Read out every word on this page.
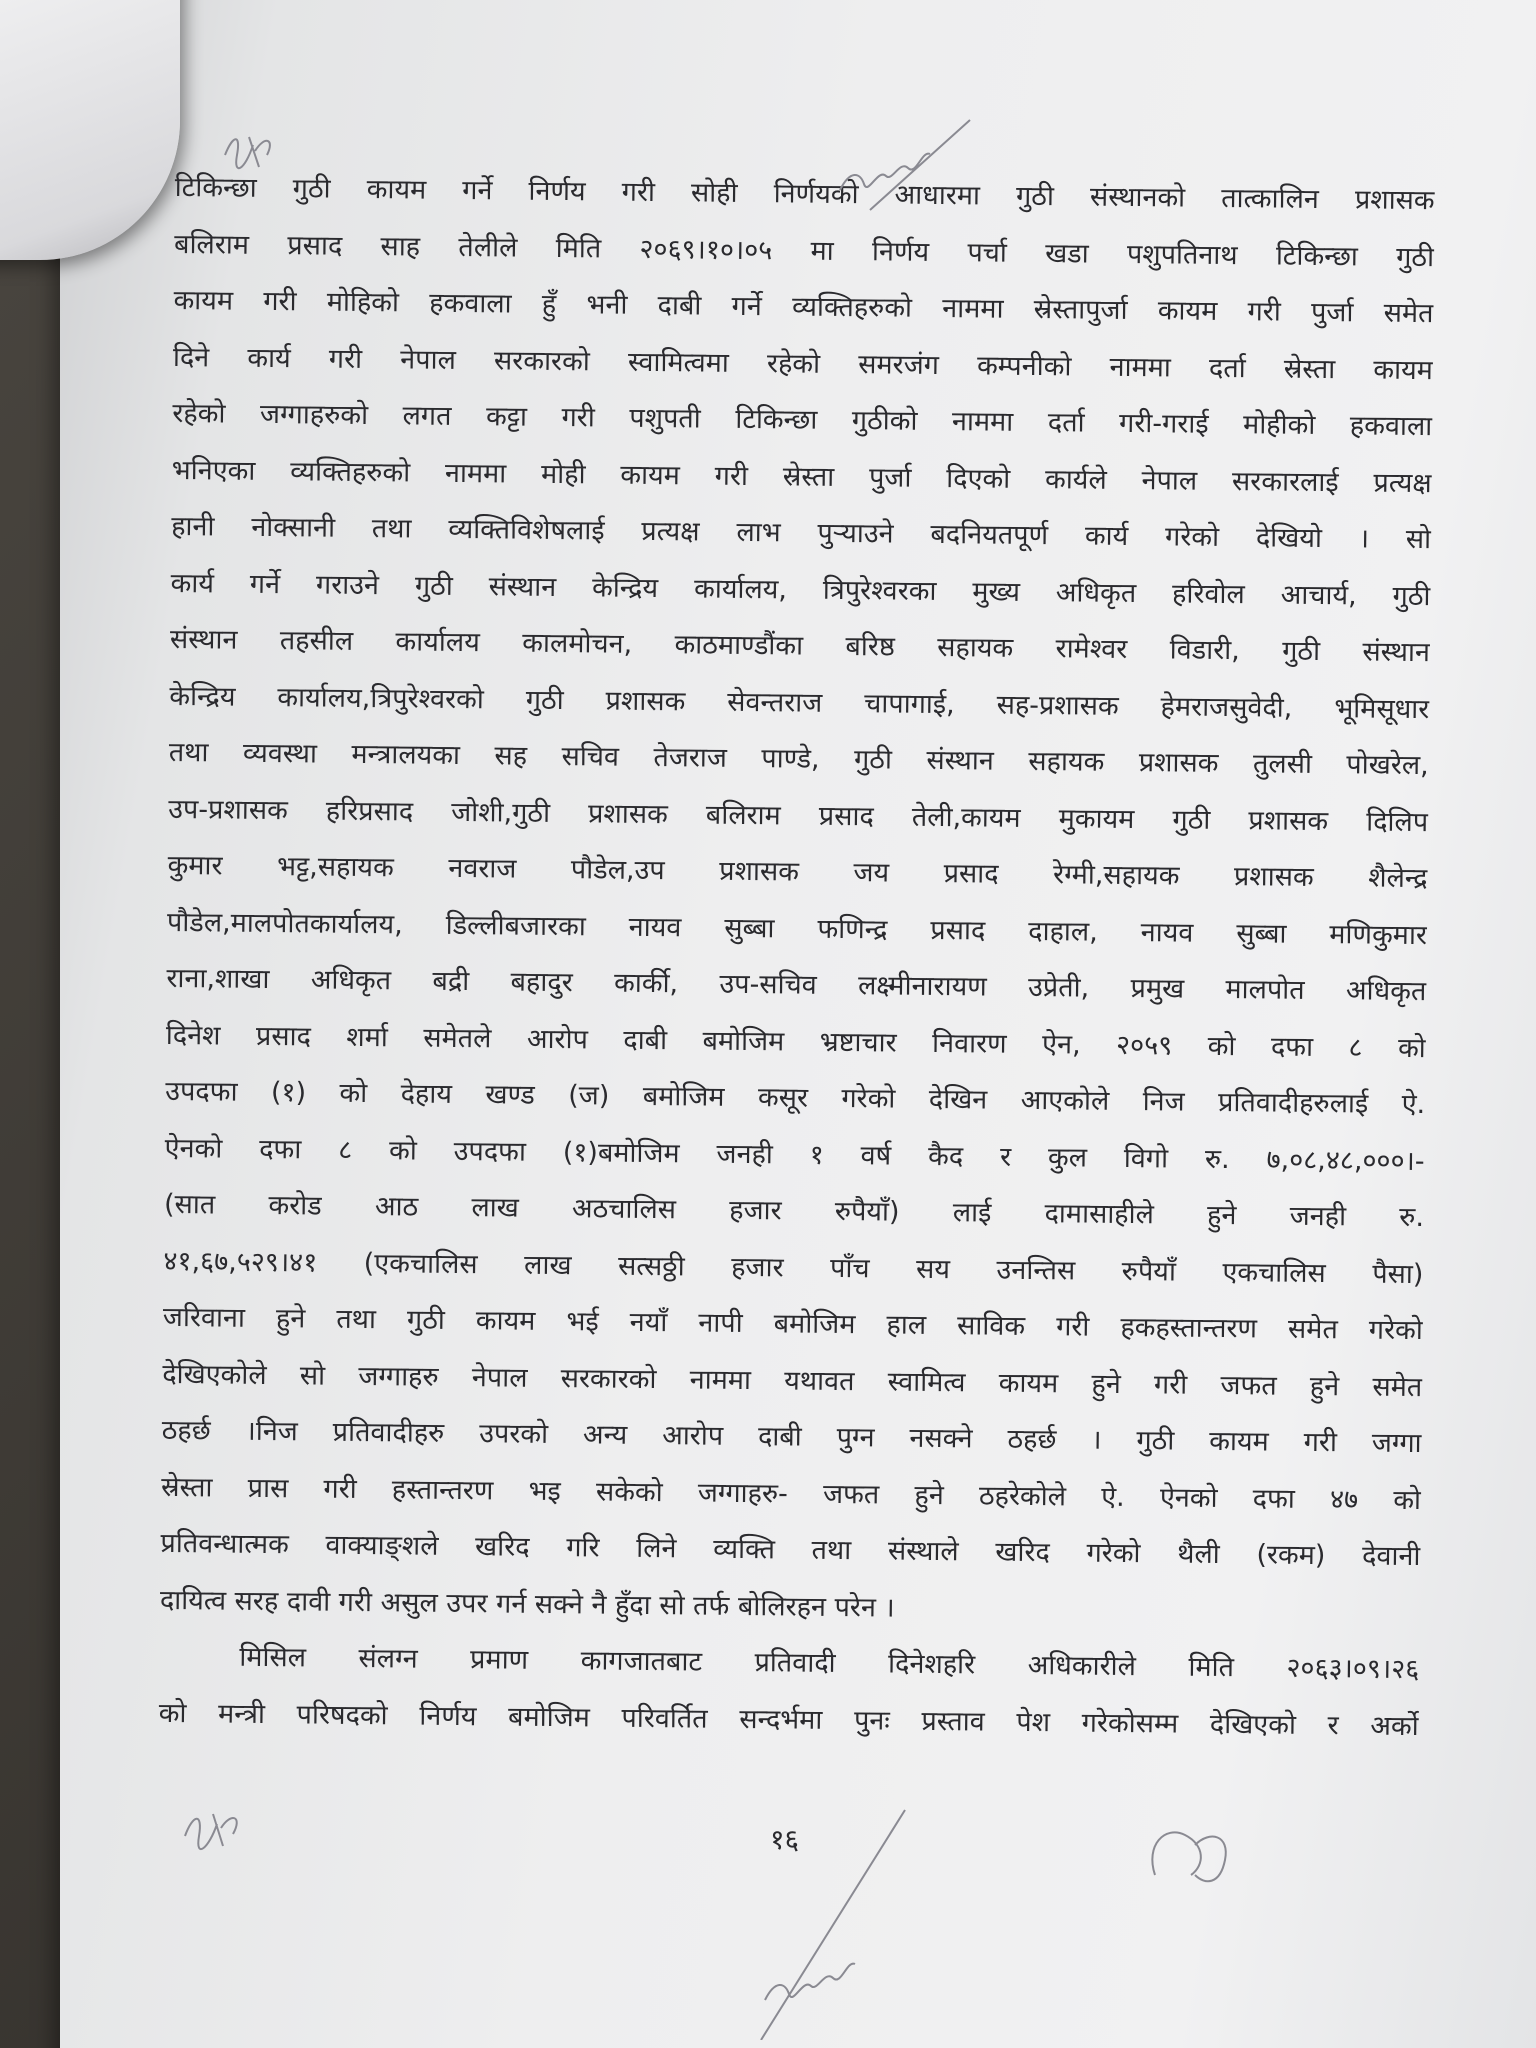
टिकिन्छा गुठी कायम गर्ने निर्णय गरी सोही निर्णयको आधारमा गुठी संस्थानको तात्कालिन प्रशासक
बलिराम प्रसाद साह तेलीले मिति २०६९।१०।०५ मा निर्णय पर्चा खडा पशुपतिनाथ टिकिन्छा गुठी
कायम गरी मोहिको हकवाला हुँ भनी दाबी गर्ने व्यक्तिहरुको नाममा स्रेस्तापुर्जा कायम गरी पुर्जा समेत
दिने कार्य गरी नेपाल सरकारको स्वामित्वमा रहेको समरजंग कम्पनीको नाममा दर्ता स्रेस्ता कायम
रहेको जग्गाहरुको लगत कट्टा गरी पशुपती टिकिन्छा गुठीको नाममा दर्ता गरी-गराई मोहीको हकवाला
भनिएका व्यक्तिहरुको नाममा मोही कायम गरी स्रेस्ता पुर्जा दिएको कार्यले नेपाल सरकारलाई प्रत्यक्ष
हानी नोक्सानी तथा व्यक्तिविशेषलाई प्रत्यक्ष लाभ पुर्‍याउने बदनियतपूर्ण कार्य गरेको देखियो । सो
कार्य गर्ने गराउने गुठी संस्थान केन्द्रिय कार्यालय, त्रिपुरेश्वरका मुख्य अधिकृत हरिवोल आचार्य, गुठी
संस्थान तहसील कार्यालय कालमोचन, काठमाण्डौंका बरिष्ठ सहायक रामेश्वर विडारी, गुठी संस्थान
केन्द्रिय कार्यालय,त्रिपुरेश्वरको गुठी प्रशासक सेवन्तराज चापागाई, सह-प्रशासक हेमराजसुवेदी, भूमिसूधार
तथा व्यवस्था मन्त्रालयका सह सचिव तेजराज पाण्डे, गुठी संस्थान सहायक प्रशासक तुलसी पोखरेल,
उप-प्रशासक हरिप्रसाद जोशी,गुठी प्रशासक बलिराम प्रसाद तेली,कायम मुकायम गुठी प्रशासक दिलिप
कुमार भट्ट,सहायक नवराज पौडेल,उप प्रशासक जय प्रसाद रेग्मी,सहायक प्रशासक शैलेन्द्र
पौडेल,मालपोतकार्यालय, डिल्लीबजारका नायव सुब्बा फणिन्द्र प्रसाद दाहाल, नायव सुब्बा मणिकुमार
राना,शाखा अधिकृत बद्री बहादुर कार्की, उप-सचिव लक्ष्मीनारायण उप्रेती, प्रमुख मालपोत अधिकृत
दिनेश प्रसाद शर्मा समेतले आरोप दाबी बमोजिम भ्रष्टाचार निवारण ऐन, २०५९ को दफा ८ को
उपदफा (१) को देहाय खण्ड (ज) बमोजिम कसूर गरेको देखिन आएकोले निज प्रतिवादीहरुलाई ऐ.
ऐनको दफा ८ को उपदफा (१)बमोजिम जनही १ वर्ष कैद र कुल विगो रु. ७,०८,४८,०००।-
(सात करोड आठ लाख अठचालिस हजार रुपैयाँ) लाई दामासाहीले हुने जनही रु.
४१,६७,५२९।४१ (एकचालिस लाख सत्सठ्ठी हजार पाँच सय उनन्तिस रुपैयाँ एकचालिस पैसा)
जरिवाना हुने तथा गुठी कायम भई नयाँ नापी बमोजिम हाल साविक गरी हकहस्तान्तरण समेत गरेको
देखिएकोले सो जग्गाहरु नेपाल सरकारको नाममा यथावत स्वामित्व कायम हुने गरी जफत हुने समेत
ठहर्छ ।निज प्रतिवादीहरु उपरको अन्य आरोप दाबी पुग्न नसक्ने ठहर्छ । गुठी कायम गरी जग्गा
स्रेस्ता प्रास गरी हस्तान्तरण भइ सकेको जग्गाहरु- जफत हुने ठहरेकोले ऐ. ऐनको दफा ४७ को
प्रतिवन्धात्मक वाक्याङ्शले खरिद गरि लिने व्यक्ति तथा संस्थाले खरिद गरेको थैली (रकम) देवानी
दायित्व सरह दावी गरी असुल उपर गर्न सक्ने नै हुँदा सो तर्फ बोलिरहन परेन ।
मिसिल संलग्न प्रमाण कागजातबाट प्रतिवादी दिनेशहरि अधिकारीले मिति २०६३।०९।२६
को मन्त्री परिषदको निर्णय बमोजिम परिवर्तित सन्दर्भमा पुनः प्रस्ताव पेश गरेकोसम्म देखिएको र अर्को
१६
